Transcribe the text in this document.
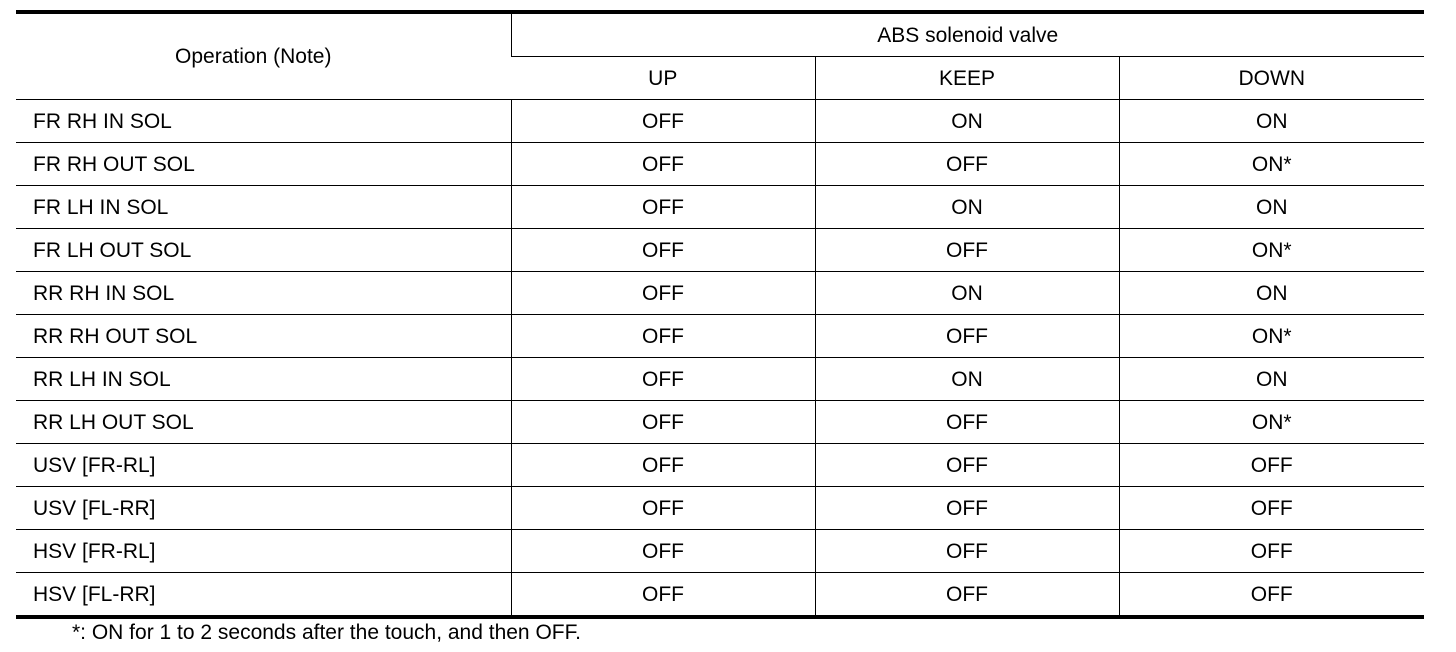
Operation (Note)	ABS solenoid valve		
	UP	KEEP	DOWN
FR RH IN SOL	OFF	ON	ON
FR RH OUT SOL	OFF	OFF	ON*
FR LH IN SOL	OFF	ON	ON
FR LH OUT SOL	OFF	OFF	ON*
RR RH IN SOL	OFF	ON	ON
RR RH OUT SOL	OFF	OFF	ON*
RR LH IN SOL	OFF	ON	ON
RR LH OUT SOL	OFF	OFF	ON*
USV [FR-RL]	OFF	OFF	OFF
USV [FL-RR]	OFF	OFF	OFF
HSV [FR-RL]	OFF	OFF	OFF
HSV [FL-RR]	OFF	OFF	OFF
*: ON for 1 to 2 seconds after the touch, and then OFF.
